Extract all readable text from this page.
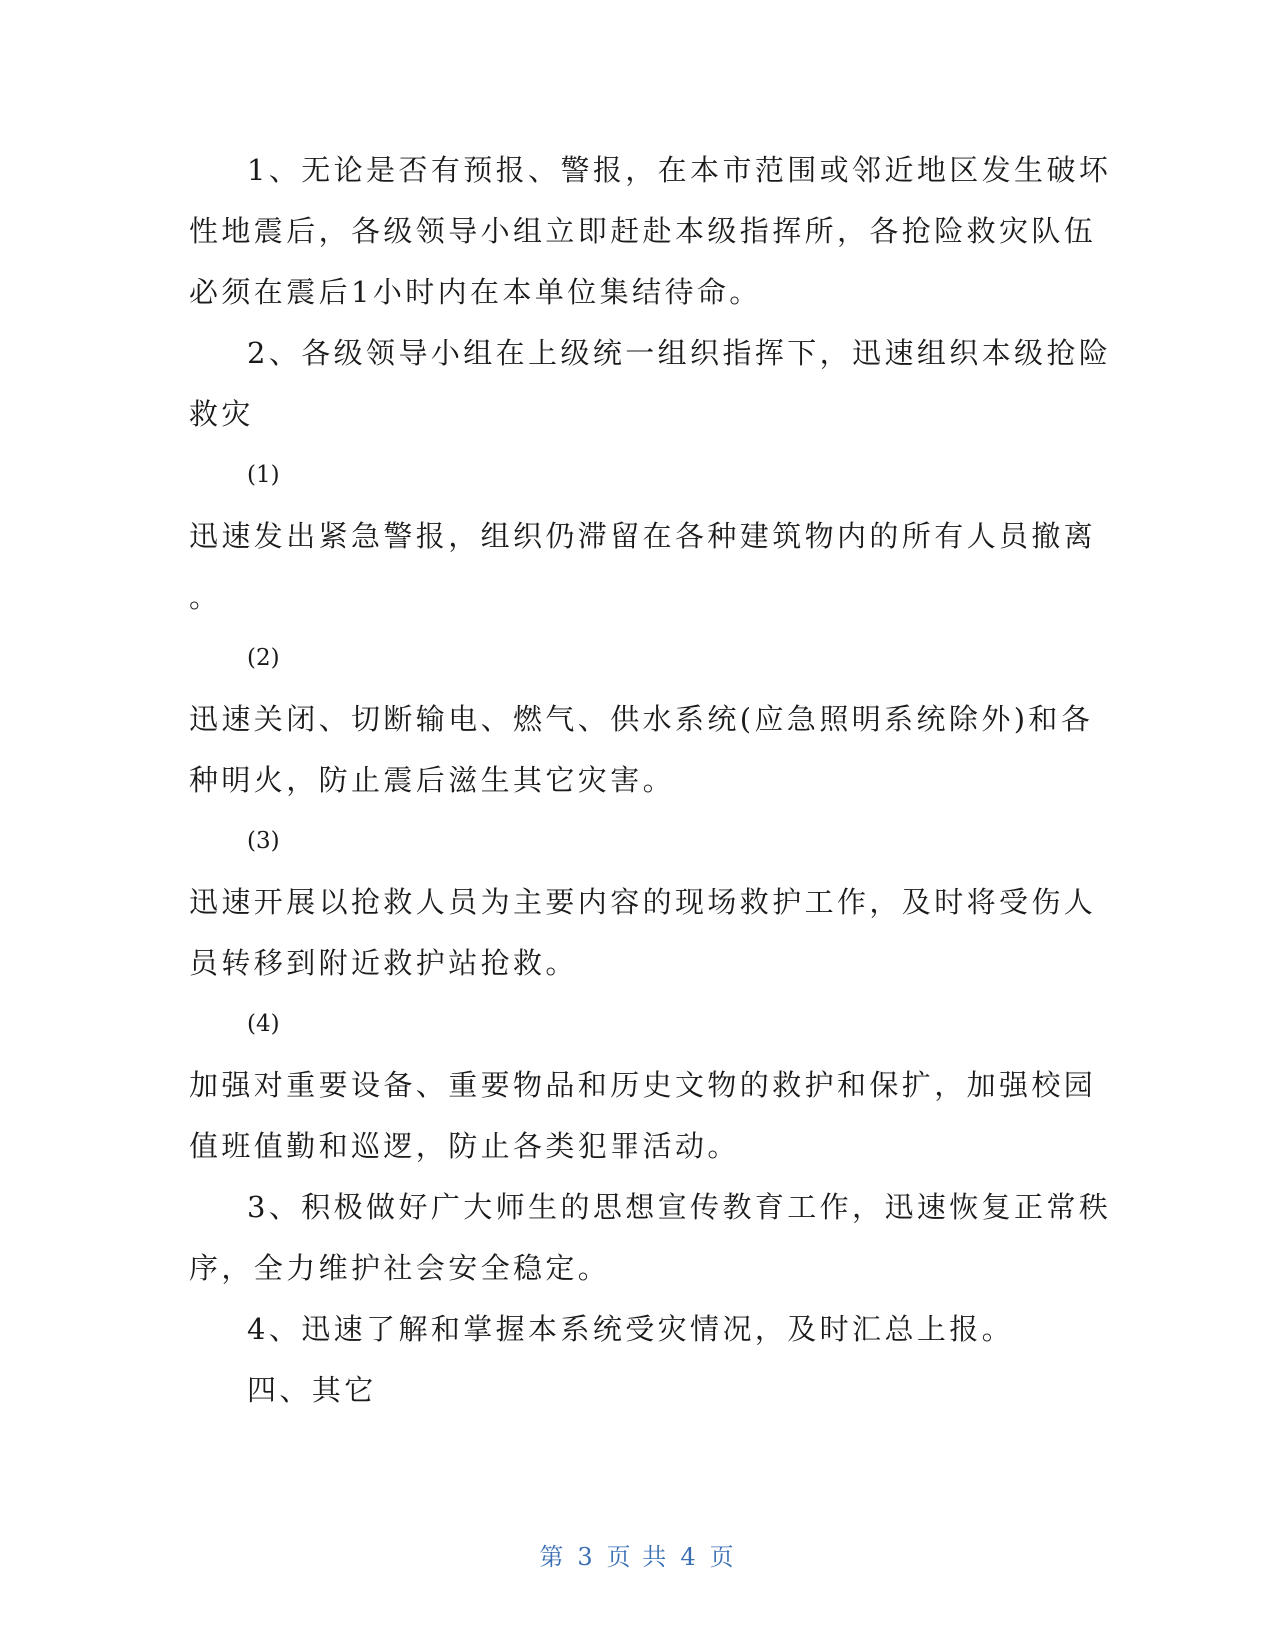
1、无论是否有预报、警报，在本市范围或邻近地区发生破坏
性地震后，各级领导小组立即赶赴本级指挥所，各抢险救灾队伍
必须在震后1小时内在本单位集结待命。
2、各级领导小组在上级统一组织指挥下，迅速组织本级抢险
救灾
(1)
迅速发出紧急警报，组织仍滞留在各种建筑物内的所有人员撤离
。
(2)
迅速关闭、切断输电、燃气、供水系统(应急照明系统除外)和各
种明火，防止震后滋生其它灾害。
(3)
迅速开展以抢救人员为主要内容的现场救护工作，及时将受伤人
员转移到附近救护站抢救。
(4)
加强对重要设备、重要物品和历史文物的救护和保扩，加强校园
值班值勤和巡逻，防止各类犯罪活动。
3、积极做好广大师生的思想宣传教育工作，迅速恢复正常秩
序，全力维护社会安全稳定。
4、迅速了解和掌握本系统受灾情况，及时汇总上报。
四、其它
第 3 页 共 4 页
